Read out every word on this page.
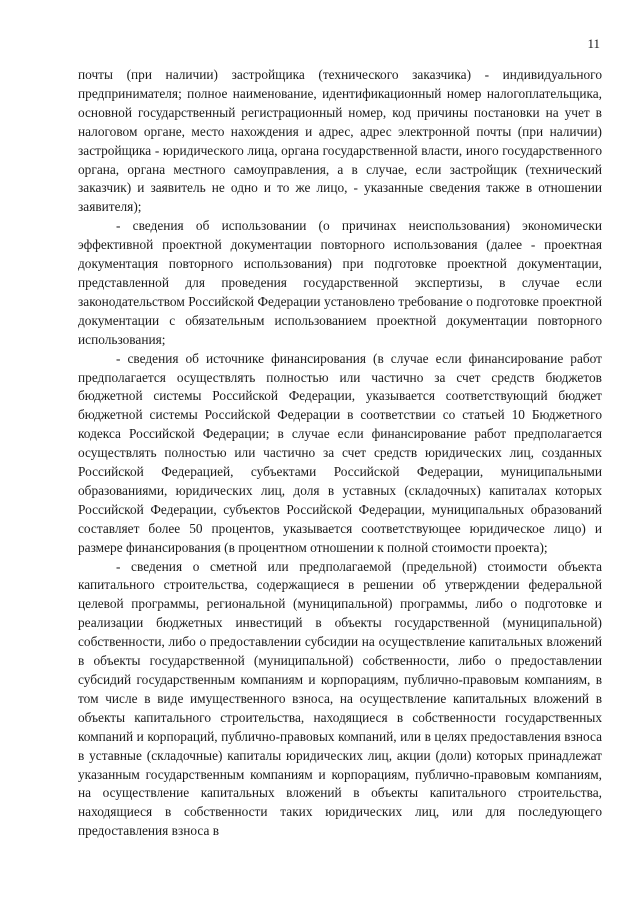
11

почты (при наличии) застройщика (технического заказчика) - индивидуального предпринимателя; полное наименование, идентификационный номер налогоплательщика, основной государственный регистрационный номер, код причины постановки на учет в налоговом органе, место нахождения и адрес, адрес электронной почты (при наличии) застройщика - юридического лица, органа государственной власти, иного государственного органа, органа местного самоуправления, а в случае, если застройщик (технический заказчик) и заявитель не одно и то же лицо, - указанные сведения также в отношении заявителя);

- сведения об использовании (о причинах неиспользования) экономически эффективной проектной документации повторного использования (далее - проектная документация повторного использования) при подготовке проектной документации, представленной для проведения государственной экспертизы, в случае если законодательством Российской Федерации установлено требование о подготовке проектной документации с обязательным использованием проектной документации повторного использования;

- сведения об источнике финансирования (в случае если финансирование работ предполагается осуществлять полностью или частично за счет средств бюджетов бюджетной системы Российской Федерации, указывается соответствующий бюджет бюджетной системы Российской Федерации в соответствии со статьей 10 Бюджетного кодекса Российской Федерации; в случае если финансирование работ предполагается осуществлять полностью или частично за счет средств юридических лиц, созданных Российской Федерацией, субъектами Российской Федерации, муниципальными образованиями, юридических лиц, доля в уставных (складочных) капиталах которых Российской Федерации, субъектов Российской Федерации, муниципальных образований составляет более 50 процентов, указывается соответствующее юридическое лицо) и размере финансирования (в процентном отношении к полной стоимости проекта);

- сведения о сметной или предполагаемой (предельной) стоимости объекта капитального строительства, содержащиеся в решении об утверждении федеральной целевой программы, региональной (муниципальной) программы, либо о подготовке и реализации бюджетных инвестиций в объекты государственной (муниципальной) собственности, либо о предоставлении субсидии на осуществление капитальных вложений в объекты государственной (муниципальной) собственности, либо о предоставлении субсидий государственным компаниям и корпорациям, публично-правовым компаниям, в том числе в виде имущественного взноса, на осуществление капитальных вложений в объекты капитального строительства, находящиеся в собственности государственных компаний и корпораций, публично-правовых компаний, или в целях предоставления взноса в уставные (складочные) капиталы юридических лиц, акции (доли) которых принадлежат указанным государственным компаниям и корпорациям, публично-правовым компаниям, на осуществление капитальных вложений в объекты капитального строительства, находящиеся в собственности таких юридических лиц, или для последующего предоставления взноса в
